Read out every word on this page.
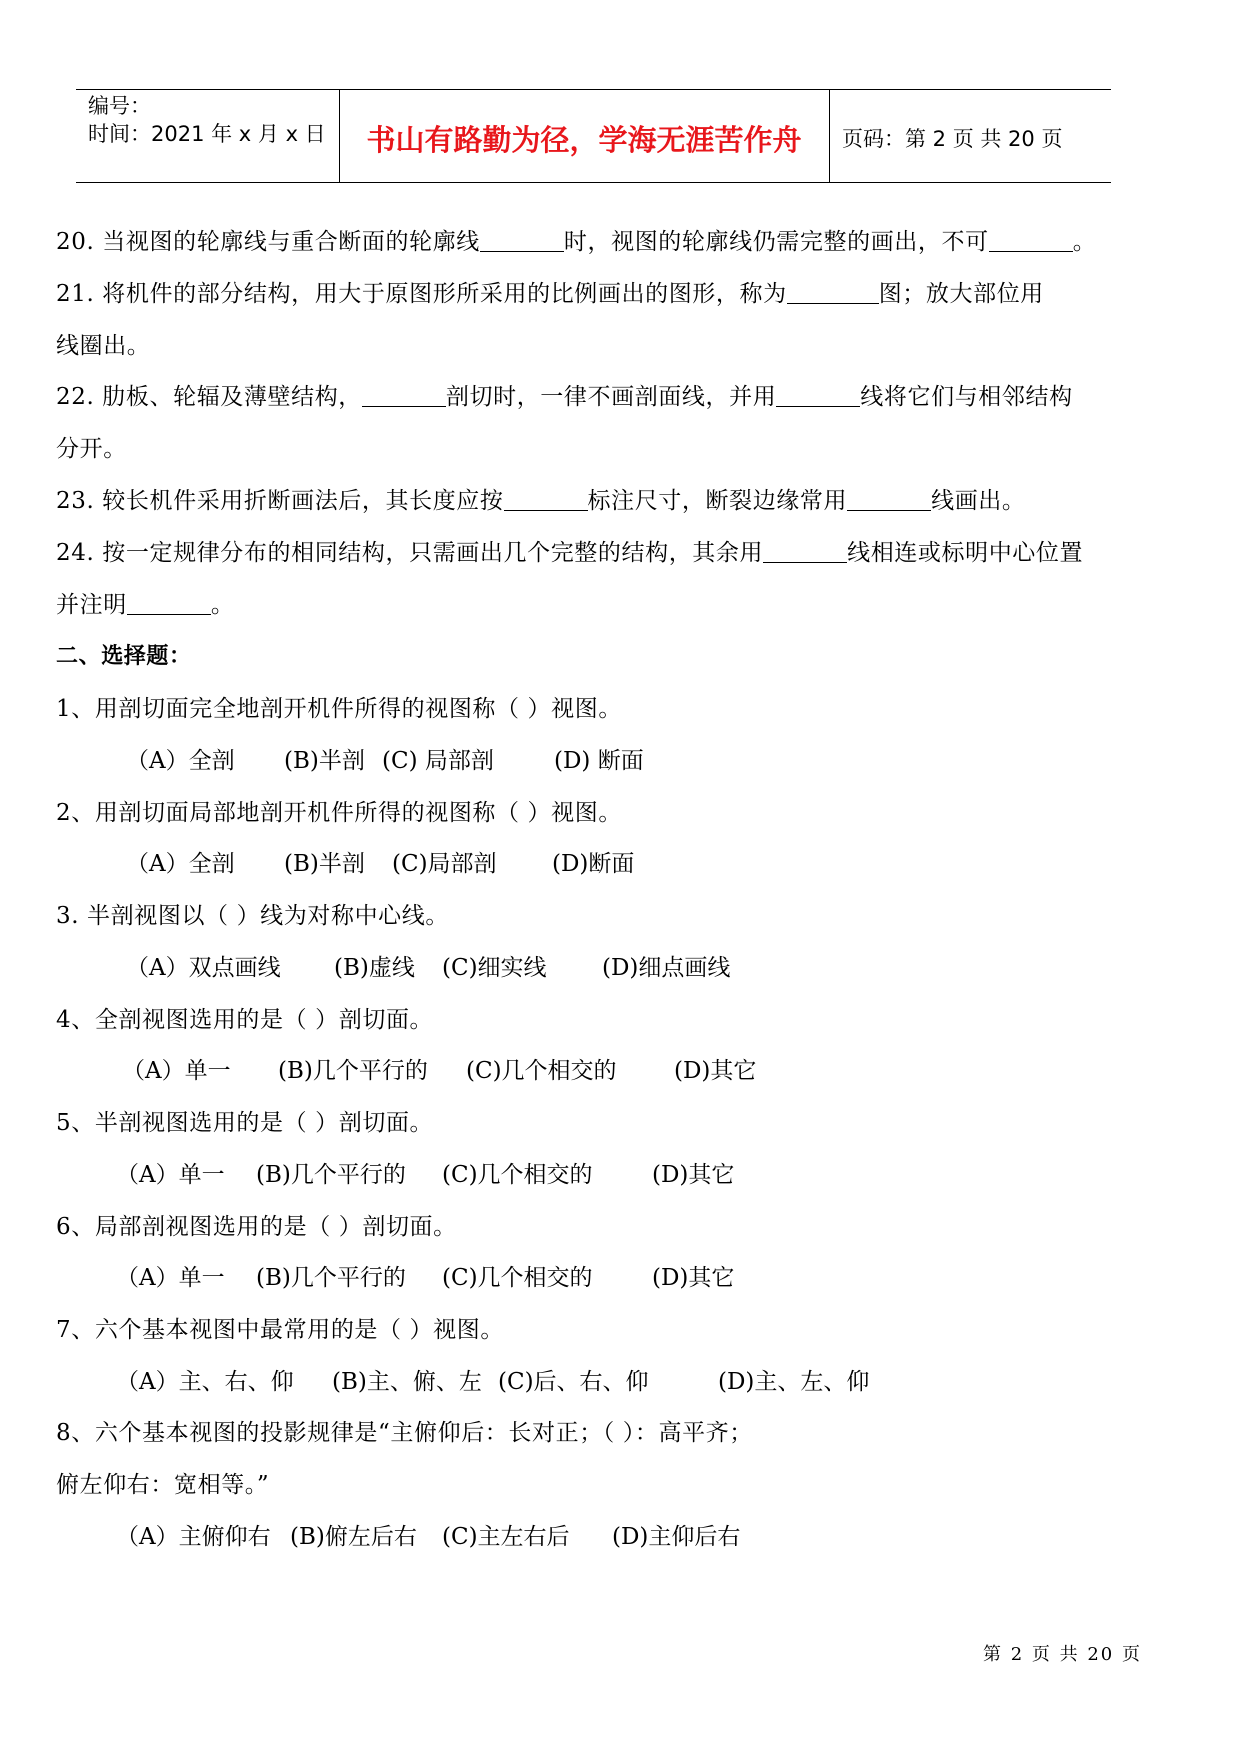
编号：
时间：2021 年 x 月 x 日	书山有路勤为径，学海无涯苦作舟	页码：第 2 页 共 20 页
20. 当视图的轮廓线与重合断面的轮廓线	时，视图的轮廓线仍需完整的画出，不可	。
21. 将机件的部分结构，用大于原图形所采用的比例画出的图形，称为	图；放大部位用
线圈出。
22. 肋板、轮辐及薄壁结构，	剖切时，一律不画剖面线，并用	线将它们与相邻结构
分开。
23. 较长机件采用折断画法后，其长度应按	标注尺寸，断裂边缘常用	线画出。
24. 按一定规律分布的相同结构，只需画出几个完整的结构，其余用	线相连或标明中心位置
并注明	。
二、选择题：
1、用剖切面完全地剖开机件所得的视图称（ ）视图。
（A）全剖 (B)半剖 (C) 局部剖	(D) 断面
2、用剖切面局部地剖开机件所得的视图称（ ）视图。
（A）全剖 (B)半剖 (C)局部剖 (D)断面
3. 半剖视图以（ ）线为对称中心线。
（A）双点画线 (B)虚线 (C)细实线 (D)细点画线
4、全剖视图选用的是（ ）剖切面。
（A）单一 (B)几个平行的 (C)几个相交的 (D)其它
5、半剖视图选用的是（ ）剖切面。
（A）单一 (B)几个平行的 (C)几个相交的	(D)其它
6、局部剖视图选用的是（ ）剖切面。
（A）单一 (B)几个平行的 (C)几个相交的	(D)其它
7、六个基本视图中最常用的是（ ）视图。
（A）主、右、仰 (B)主、俯、左 (C)后、右、仰	(D)主、左、仰
8、六个基本视图的投影规律是“主俯仰后：长对正；（ ）：高平齐；
俯左仰右：宽相等。”
（A）主俯仰右 (B)俯左后右 (C)主左右后 (D)主仰后右
第 2 页 共 20 页
